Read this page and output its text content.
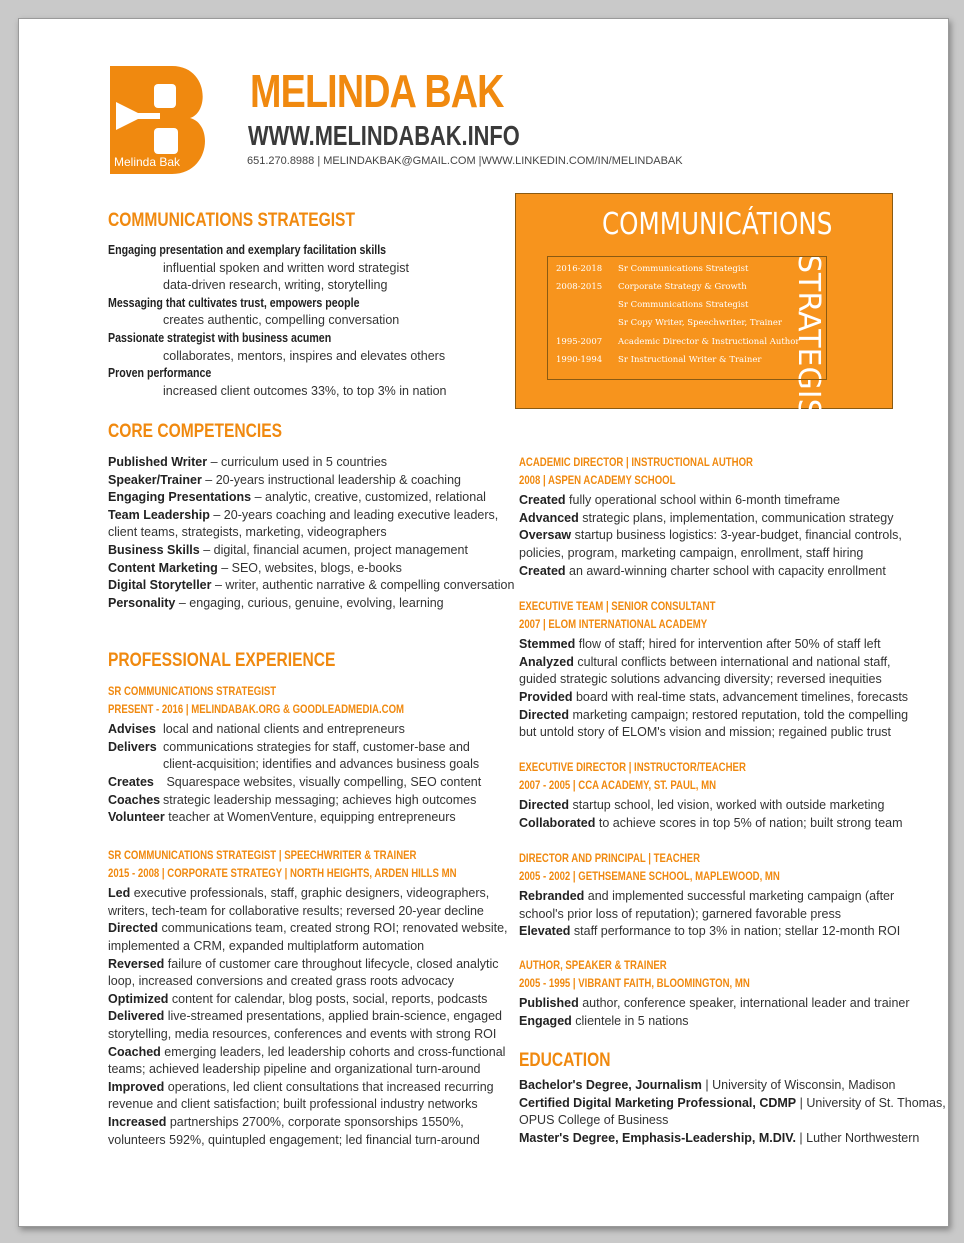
Melinda Bak
MELINDA BAK
WWW.MELINDABAK.INFO
651.270.8988 | MELINDAKBAK@GMAIL.COM |WWW.LINKEDIN.COM/IN/MELINDABAK
COMMUNICÁTIONS
STRATEGIST
2016-2018 Sr Communications Strategist
2008-2015 Corporate Strategy & Growth
Sr Communications Strategist
Sr Copy Writer, Speechwriter, Trainer
1995-2007 Academic Director & Instructional Author
1990-1994 Sr Instructional Writer & Trainer
COMMUNICATIONS STRATEGIST
Engaging presentation and exemplary facilitation skills
influential spoken and written word strategist
data-driven research, writing, storytelling
Messaging that cultivates trust, empowers people
creates authentic, compelling conversation
Passionate strategist with business acumen
collaborates, mentors, inspires and elevates others
Proven performance
increased client outcomes 33%, to top 3% in nation
CORE COMPETENCIES
Published Writer – curriculum used in 5 countries
Speaker/Trainer – 20-years instructional leadership & coaching
Engaging Presentations – analytic, creative, customized, relational
Team Leadership – 20-years coaching and leading executive leaders,
client teams, strategists, marketing, videographers
Business Skills – digital, financial acumen, project management
Content Marketing – SEO, websites, blogs, e-books
Digital Storyteller – writer, authentic narrative & compelling conversation
Personality – engaging, curious, genuine, evolving, learning
PROFESSIONAL EXPERIENCE
SR COMMUNICATIONS STRATEGIST
PRESENT - 2016 | MELINDABAK.ORG & GOODLEADMEDIA.COM
Advises local and national clients and entrepreneurs
Delivers communications strategies for staff, customer-base and
client-acquisition; identifies and advances business goals
Creates Squarespace websites, visually compelling, SEO content
Coaches strategic leadership messaging; achieves high outcomes
Volunteer teacher at WomenVenture, equipping entrepreneurs
SR COMMUNICATIONS STRATEGIST | SPEECHWRITER & TRAINER
2015 - 2008 | CORPORATE STRATEGY | NORTH HEIGHTS, ARDEN HILLS MN
Led executive professionals, staff, graphic designers, videographers,
writers, tech-team for collaborative results; reversed 20-year decline
Directed communications team, created strong ROI; renovated website,
implemented a CRM, expanded multiplatform automation
Reversed failure of customer care throughout lifecycle, closed analytic
loop, increased conversions and created grass roots advocacy
Optimized content for calendar, blog posts, social, reports, podcasts
Delivered live-streamed presentations, applied brain-science, engaged
storytelling, media resources, conferences and events with strong ROI
Coached emerging leaders, led leadership cohorts and cross-functional
teams; achieved leadership pipeline and organizational turn-around
Improved operations, led client consultations that increased recurring
revenue and client satisfaction; built professional industry networks
Increased partnerships 2700%, corporate sponsorships 1550%,
volunteers 592%, quintupled engagement; led financial turn-around
ACADEMIC DIRECTOR | INSTRUCTIONAL AUTHOR
2008 | ASPEN ACADEMY SCHOOL
Created fully operational school within 6-month timeframe
Advanced strategic plans, implementation, communication strategy
Oversaw startup business logistics: 3-year-budget, financial controls,
policies, program, marketing campaign, enrollment, staff hiring
Created an award-winning charter school with capacity enrollment
EXECUTIVE TEAM | SENIOR CONSULTANT
2007 | ELOM INTERNATIONAL ACADEMY
Stemmed flow of staff; hired for intervention after 50% of staff left
Analyzed cultural conflicts between international and national staff,
guided strategic solutions advancing diversity; reversed inequities
Provided board with real-time stats, advancement timelines, forecasts
Directed marketing campaign; restored reputation, told the compelling
but untold story of ELOM's vision and mission; regained public trust
EXECUTIVE DIRECTOR | INSTRUCTOR/TEACHER
2007 - 2005 | CCA ACADEMY, ST. PAUL, MN
Directed startup school, led vision, worked with outside marketing
Collaborated to achieve scores in top 5% of nation; built strong team
DIRECTOR AND PRINCIPAL | TEACHER
2005 - 2002 | GETHSEMANE SCHOOL, MAPLEWOOD, MN
Rebranded and implemented successful marketing campaign (after
school's prior loss of reputation); garnered favorable press
Elevated staff performance to top 3% in nation; stellar 12-month ROI
AUTHOR, SPEAKER & TRAINER
2005 - 1995 | VIBRANT FAITH, BLOOMINGTON, MN
Published author, conference speaker, international leader and trainer
Engaged clientele in 5 nations
EDUCATION
Bachelor's Degree, Journalism | University of Wisconsin, Madison
Certified Digital Marketing Professional, CDMP | University of St. Thomas,
OPUS College of Business
Master's Degree, Emphasis-Leadership, M.DIV. | Luther Northwestern
